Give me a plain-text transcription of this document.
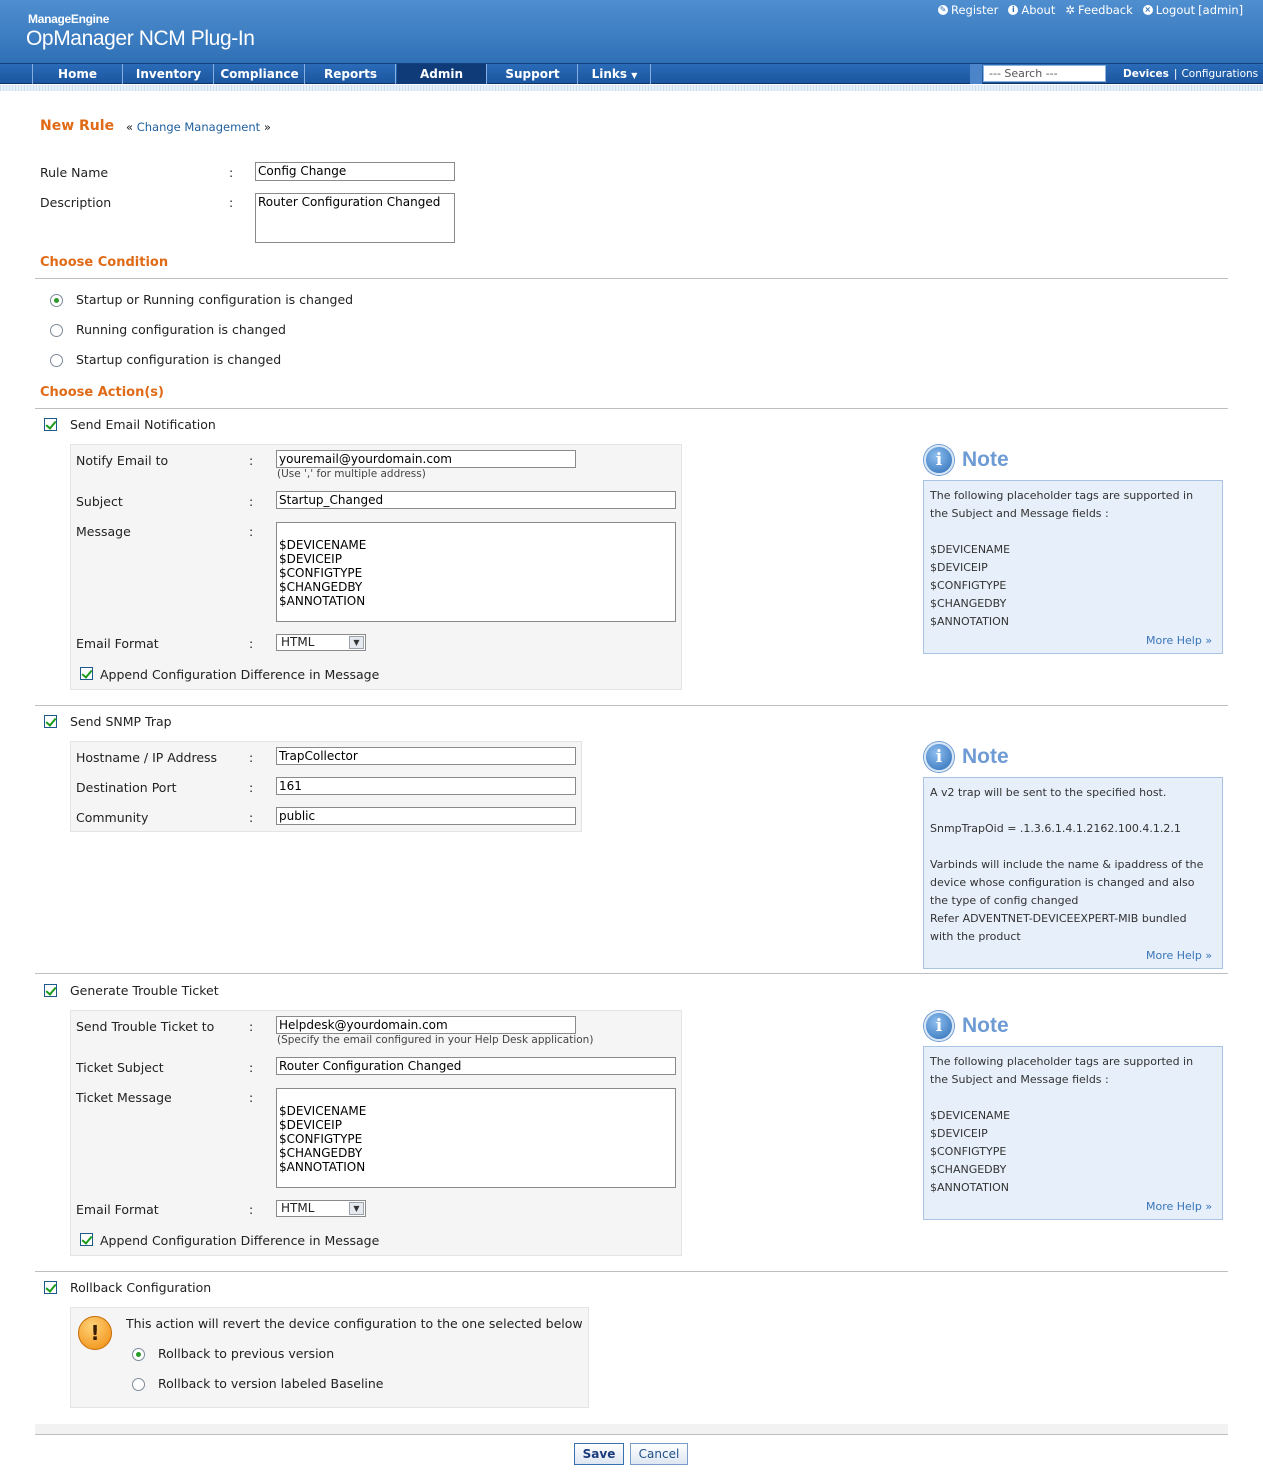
ManageEngine
OpManager NCM Plug-In
✎ Register	i About ✲ Feedback × Logout [admin]
Home	Inventory	Compliance	Reports	Admin	Support	Links ▼	--- Search ---	Devices | Configurations
New Rule « Change Management »
Rule Name	: Config Change
Description	: Router Configuration Changed
Choose Condition
Startup or Running configuration is changed
Running configuration is changed
Startup configuration is changed
Choose Action(s)
Send Email Notification
Notify Email to	: youremail@yourdomain.com
(Use ',' for multiple address)
Subject	: Startup_Changed
Message	:

$DEVICENAME
$DEVICEIP
$CONFIGTYPE
$CHANGEDBY
$ANNOTATION

Email Format	:	HTML	▼
Append Configuration Difference in Message
i Note
The following placeholder tags are supported in
the Subject and Message fields :
$DEVICENAME
$DEVICEIP
$CONFIGTYPE
$CHANGEDBY
$ANNOTATION
More Help »
Send SNMP Trap
Hostname / IP Address	: TrapCollector
Destination Port	: 161
Community	: public
i Note
A v2 trap will be sent to the specified host.
SnmpTrapOid = .1.3.6.1.4.1.2162.100.4.1.2.1
Varbinds will include the name & ipaddress of the
device whose configuration is changed and also
the type of config changed
Refer ADVENTNET-DEVICEEXPERT-MIB bundled
with the product
More Help »
Generate Trouble Ticket
Send Trouble Ticket to	: Helpdesk@yourdomain.com
(Specify the email configured in your Help Desk application)
Ticket Subject	: Router Configuration Changed
Ticket Message	:

$DEVICENAME
$DEVICEIP
$CONFIGTYPE
$CHANGEDBY
$ANNOTATION

Email Format	:	HTML	▼
Append Configuration Difference in Message
i Note
The following placeholder tags are supported in
the Subject and Message fields :
$DEVICENAME
$DEVICEIP
$CONFIGTYPE
$CHANGEDBY
$ANNOTATION
More Help »
Rollback Configuration
!	This action will revert the device configuration to the one selected below
Rollback to previous version
Rollback to version labeled Baseline
Save	Cancel
